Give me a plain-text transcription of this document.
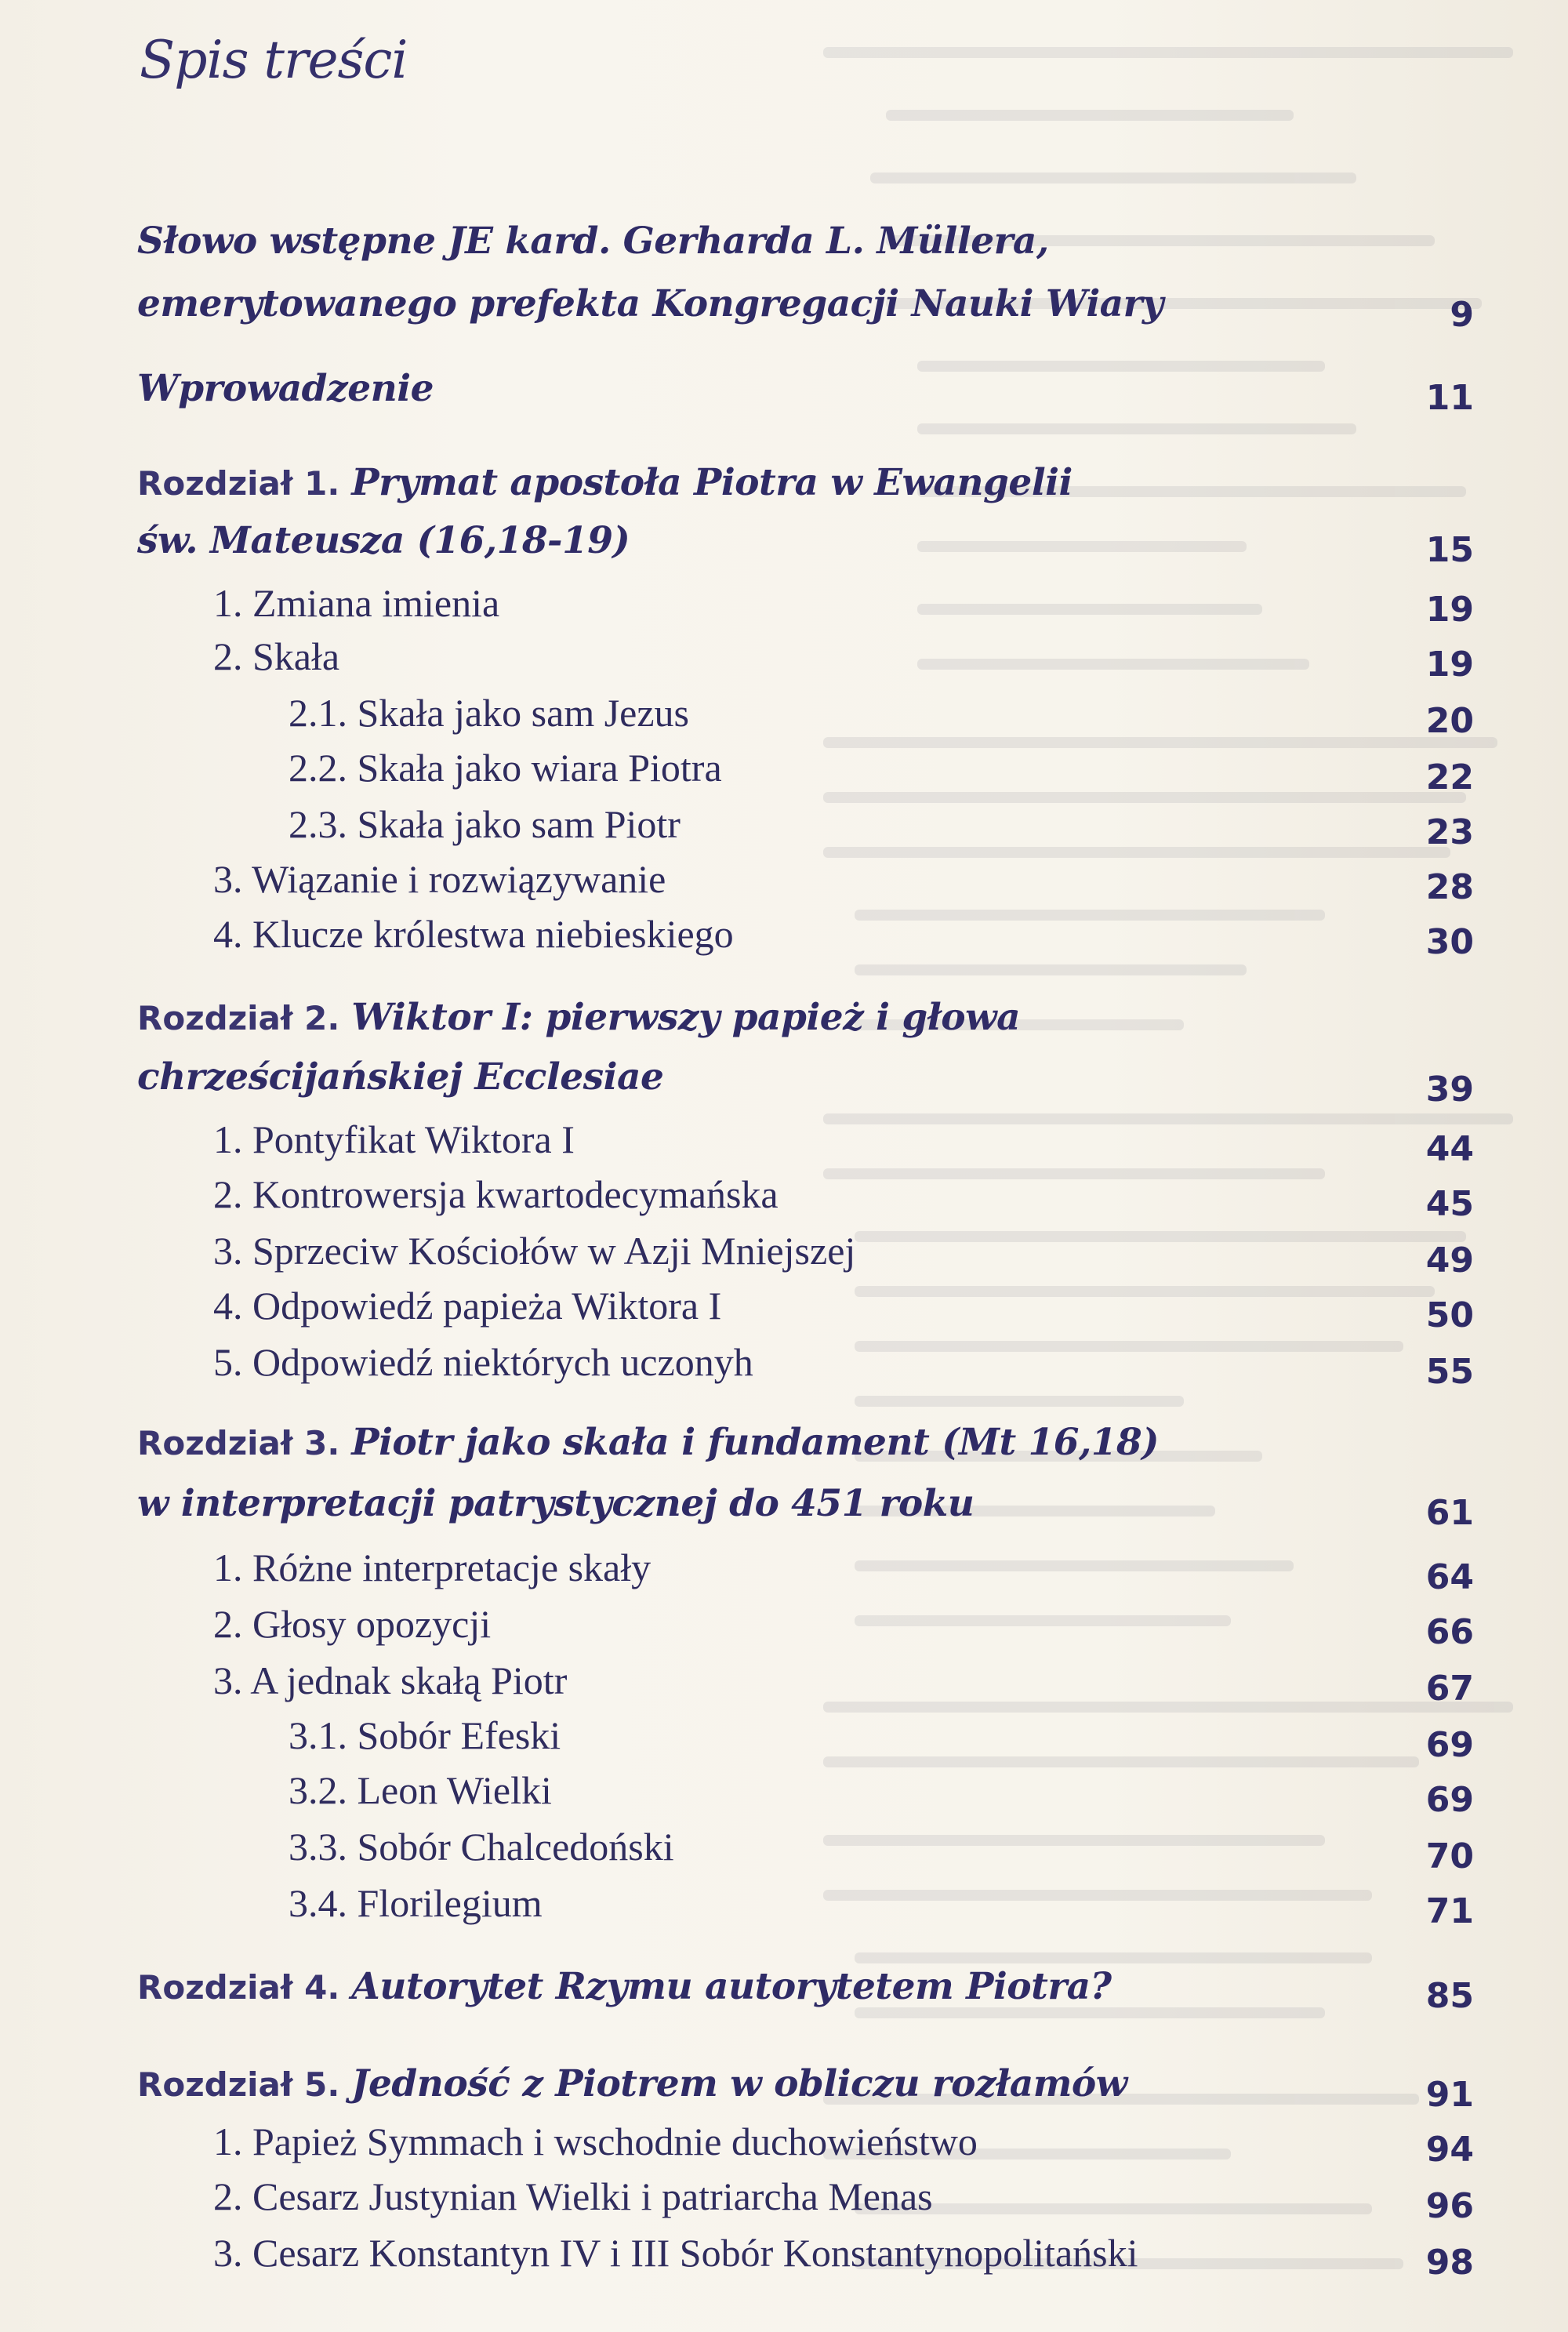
Spis treści
Słowo wstępne JE kard. Gerharda L. Müllera,
emerytowanego prefekta Kongregacji Nauki Wiary	9
Wprowadzenie	11
Rozdział 1. Prymat apostoła Piotra w Ewangelii
św. Mateusza (16,18-19)	15
1. Zmiana imienia	19
2. Skała	19
2.1. Skała jako sam Jezus	20
2.2. Skała jako wiara Piotra	22
2.3. Skała jako sam Piotr	23
3. Wiązanie i rozwiązywanie	28
4. Klucze królestwa niebieskiego	30
Rozdział 2. Wiktor I: pierwszy papież i głowa
chrześcijańskiej Ecclesiae	39
1. Pontyfikat Wiktora I	44
2. Kontrowersja kwartodecymańska	45
3. Sprzeciw Kościołów w Azji Mniejszej	49
4. Odpowiedź papieża Wiktora I	50
5. Odpowiedź niektórych uczonyh	55
Rozdział 3. Piotr jako skała i fundament (Mt 16,18)
w interpretacji patrystycznej do 451 roku	61
1. Różne interpretacje skały	64
2. Głosy opozycji	66
3. A jednak skałą Piotr	67
3.1. Sobór Efeski	69
3.2. Leon Wielki	69
3.3. Sobór Chalcedoński	70
3.4. Florilegium	71
Rozdział 4. Autorytet Rzymu autorytetem Piotra?	85
Rozdział 5. Jedność z Piotrem w obliczu rozłamów	91
1. Papież Symmach i wschodnie duchowieństwo	94
2. Cesarz Justynian Wielki i patriarcha Menas	96
3. Cesarz Konstantyn IV i III Sobór Konstantynopolitański	98
